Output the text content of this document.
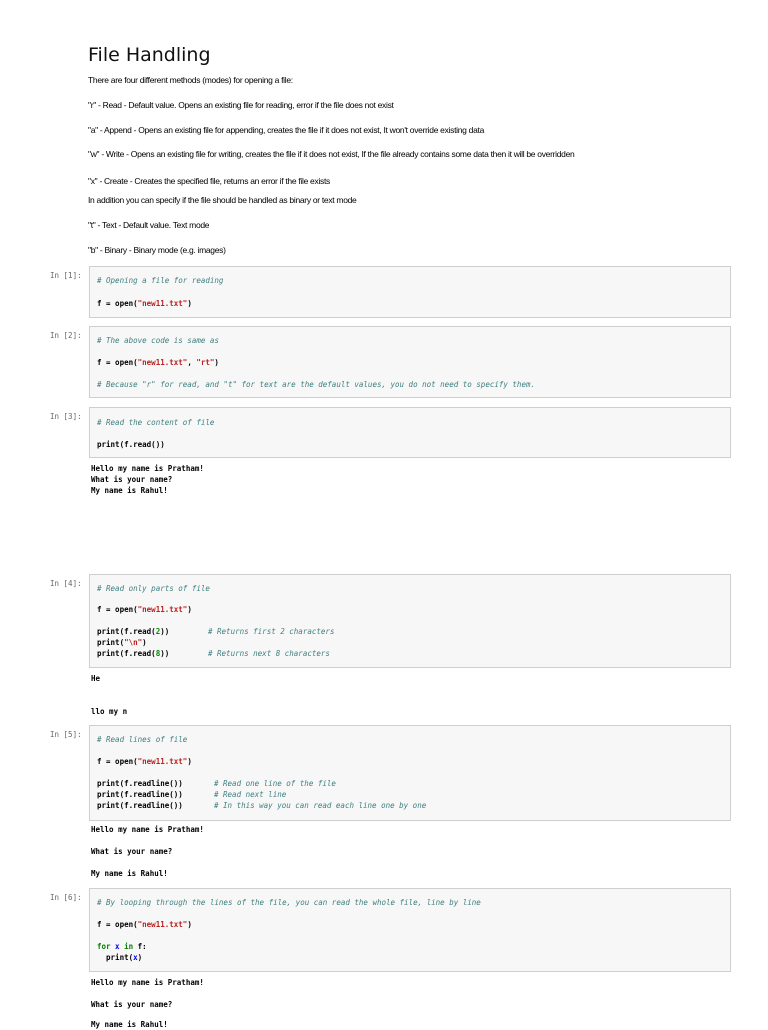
File Handling
There are four different methods (modes) for opening a file:
"r" - Read - Default value. Opens an existing file for reading, error if the file does not exist
"a" - Append - Opens an existing file for appending, creates the file if it does not exist, It won't override existing data
"w" - Write - Opens an existing file for writing, creates the file if it does not exist, If the file already contains some data then it will be overridden
"x" - Create - Creates the specified file, returns an error if the file exists
In addition you can specify if the file should be handled as binary or text mode
"t" - Text - Default value. Text mode
"b" - Binary - Binary mode (e.g. images)
In [1]:
# Opening a file for reading
f = open("new11.txt")
In [2]:
# The above code is same as
f = open("new11.txt", "rt")
# Because "r" for read, and "t" for text are the default values, you do not need to specify them.
In [3]:
# Read the content of file
print(f.read())
Hello my name is Pratham!
What is your name?
My name is Rahul!
In [4]:
# Read only parts of file
f = open("new11.txt")
print(f.read(2))	# Returns first 2 characters
print("\n")
print(f.read(8))	# Returns next 8 characters
He
llo my n
In [5]:
# Read lines of file
f = open("new11.txt")
print(f.readline())	# Read one line of the file
print(f.readline())	# Read next line
print(f.readline())	# In this way you can read each line one by one
Hello my name is Pratham!
What is your name?
My name is Rahul!
In [6]:
# By looping through the lines of the file, you can read the whole file, line by line
f = open("new11.txt")
for x in f:
print(x)
Hello my name is Pratham!
What is your name?
My name is Rahul!
